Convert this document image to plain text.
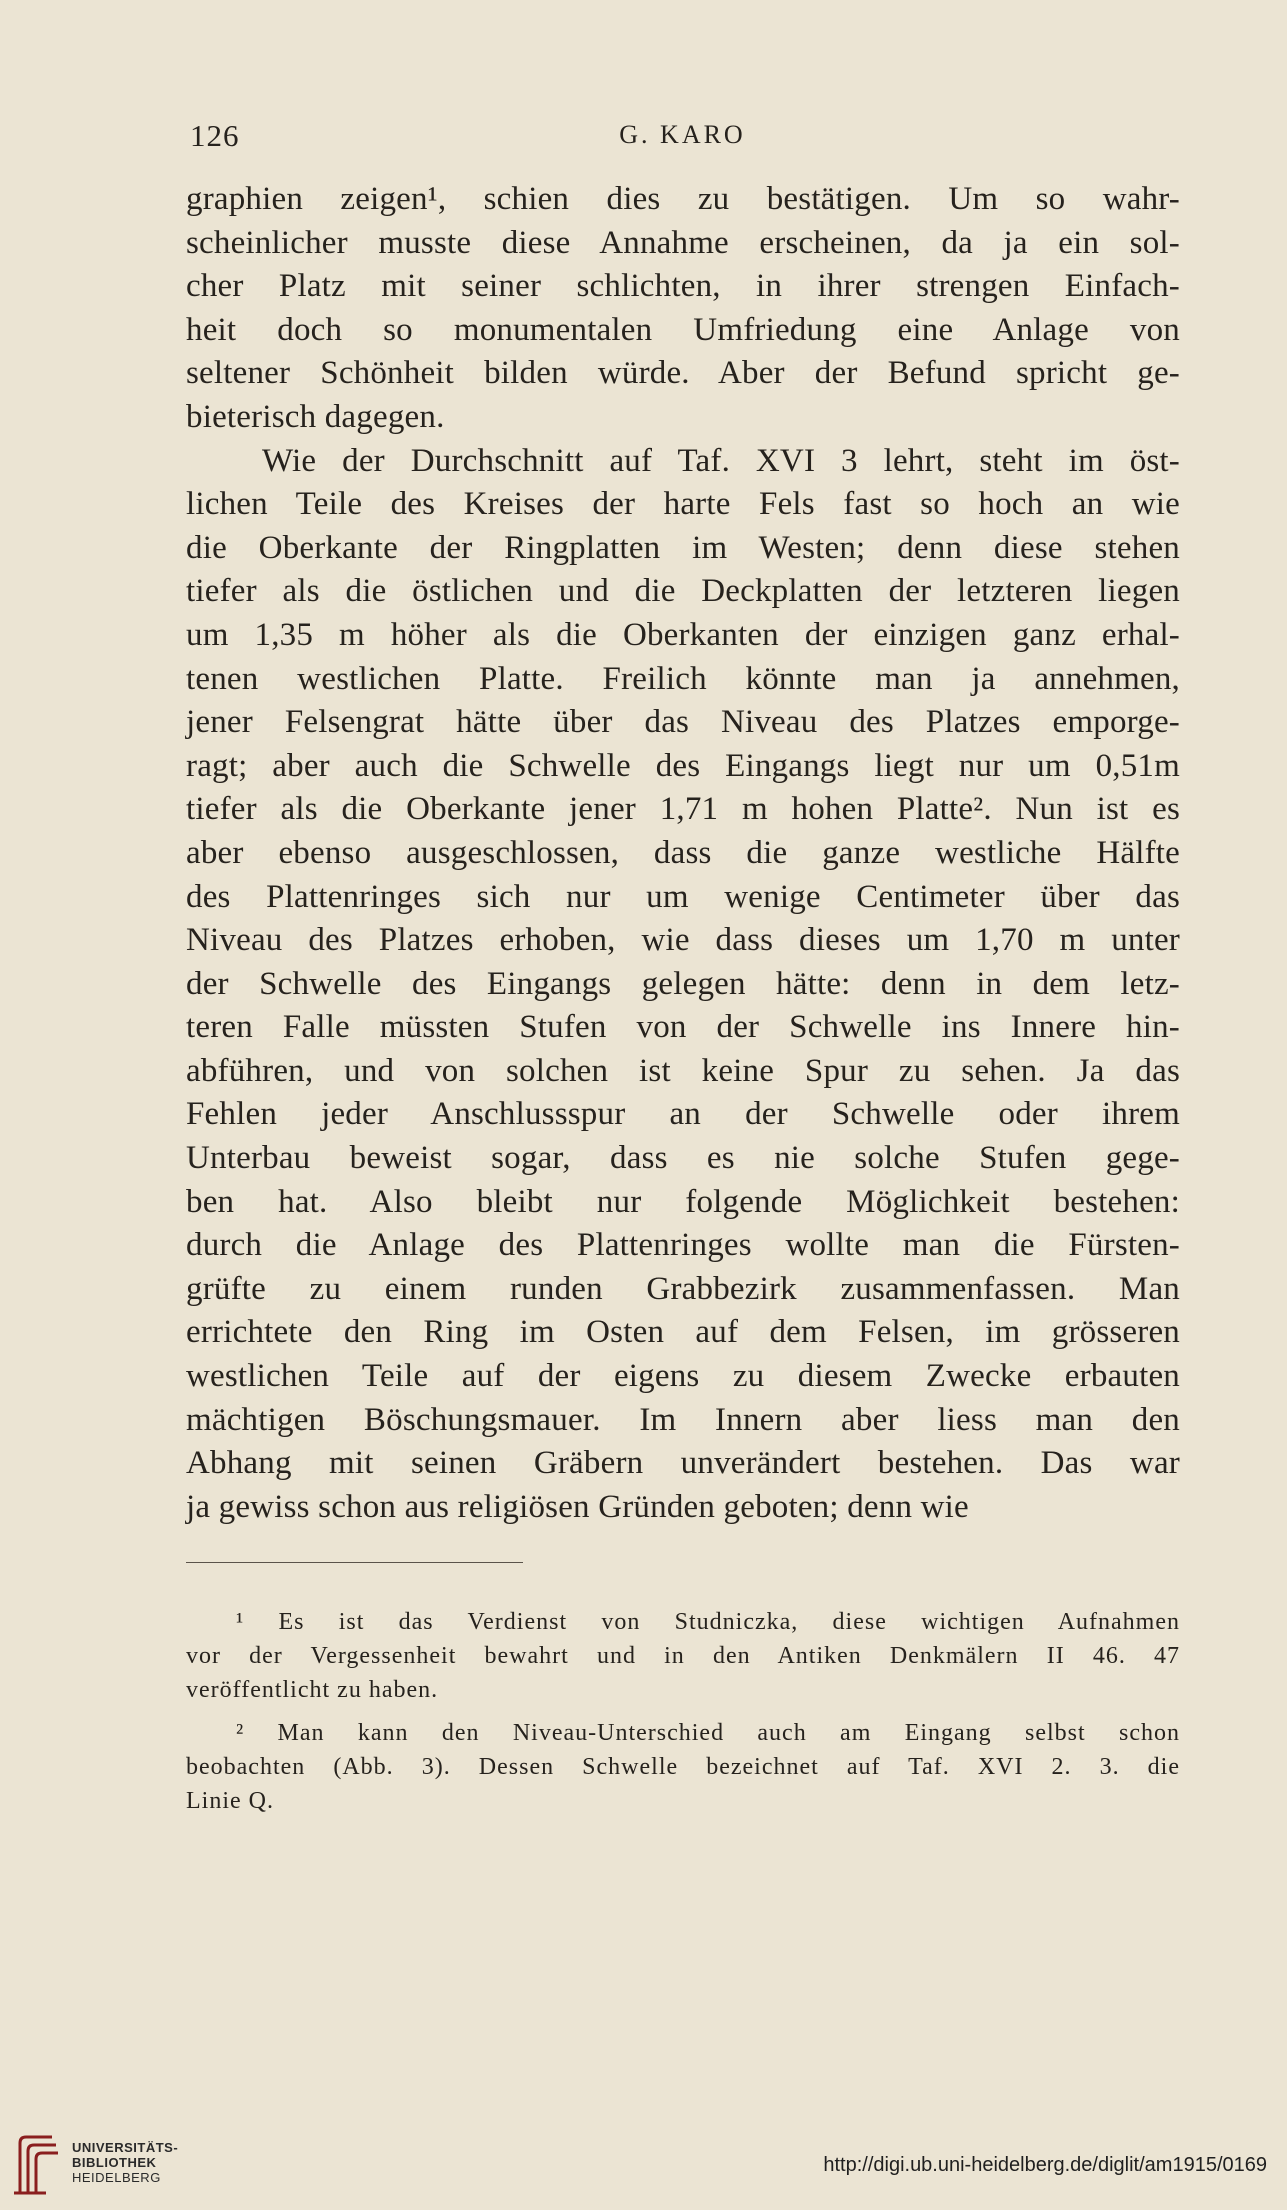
126	G. KARO
graphien zeigen¹, schien dies zu bestätigen. Um so wahr-
scheinlicher musste diese Annahme erscheinen, da ja ein sol-
cher Platz mit seiner schlichten, in ihrer strengen Einfach-
heit doch so monumentalen Umfriedung eine Anlage von
seltener Schönheit bilden würde. Aber der Befund spricht ge-
bieterisch dagegen.
Wie der Durchschnitt auf Taf. XVI 3 lehrt, steht im öst-
lichen Teile des Kreises der harte Fels fast so hoch an wie
die Oberkante der Ringplatten im Westen; denn diese stehen
tiefer als die östlichen und die Deckplatten der letzteren liegen
um 1,35 m höher als die Oberkanten der einzigen ganz erhal-
tenen westlichen Platte. Freilich könnte man ja annehmen,
jener Felsengrat hätte über das Niveau des Platzes emporge-
ragt; aber auch die Schwelle des Eingangs liegt nur um 0,51m
tiefer als die Oberkante jener 1,71 m hohen Platte². Nun ist es
aber ebenso ausgeschlossen, dass die ganze westliche Hälfte
des Plattenringes sich nur um wenige Centimeter über das
Niveau des Platzes erhoben, wie dass dieses um 1,70 m unter
der Schwelle des Eingangs gelegen hätte: denn in dem letz-
teren Falle müssten Stufen von der Schwelle ins Innere hin-
abführen, und von solchen ist keine Spur zu sehen. Ja das
Fehlen jeder Anschlussspur an der Schwelle oder ihrem
Unterbau beweist sogar, dass es nie solche Stufen gege-
ben hat. Also bleibt nur folgende Möglichkeit bestehen:
durch die Anlage des Plattenringes wollte man die Fürsten-
grüfte zu einem runden Grabbezirk zusammenfassen. Man
errichtete den Ring im Osten auf dem Felsen, im grösseren
westlichen Teile auf der eigens zu diesem Zwecke erbauten
mächtigen Böschungsmauer. Im Innern aber liess man den
Abhang mit seinen Gräbern unverändert bestehen. Das war
ja gewiss schon aus religiösen Gründen geboten; denn wie
¹ Es ist das Verdienst von Studniczka, diese wichtigen Aufnahmen
vor der Vergessenheit bewahrt und in den Antiken Denkmälern II 46. 47
veröffentlicht zu haben.
² Man kann den Niveau-Unterschied auch am Eingang selbst schon
beobachten (Abb. 3). Dessen Schwelle bezeichnet auf Taf. XVI 2. 3. die
Linie Q.
UNIVERSITÄTS-
BIBLIOTHEK
HEIDELBERG
http://digi.ub.uni-heidelberg.de/diglit/am1915/0169
